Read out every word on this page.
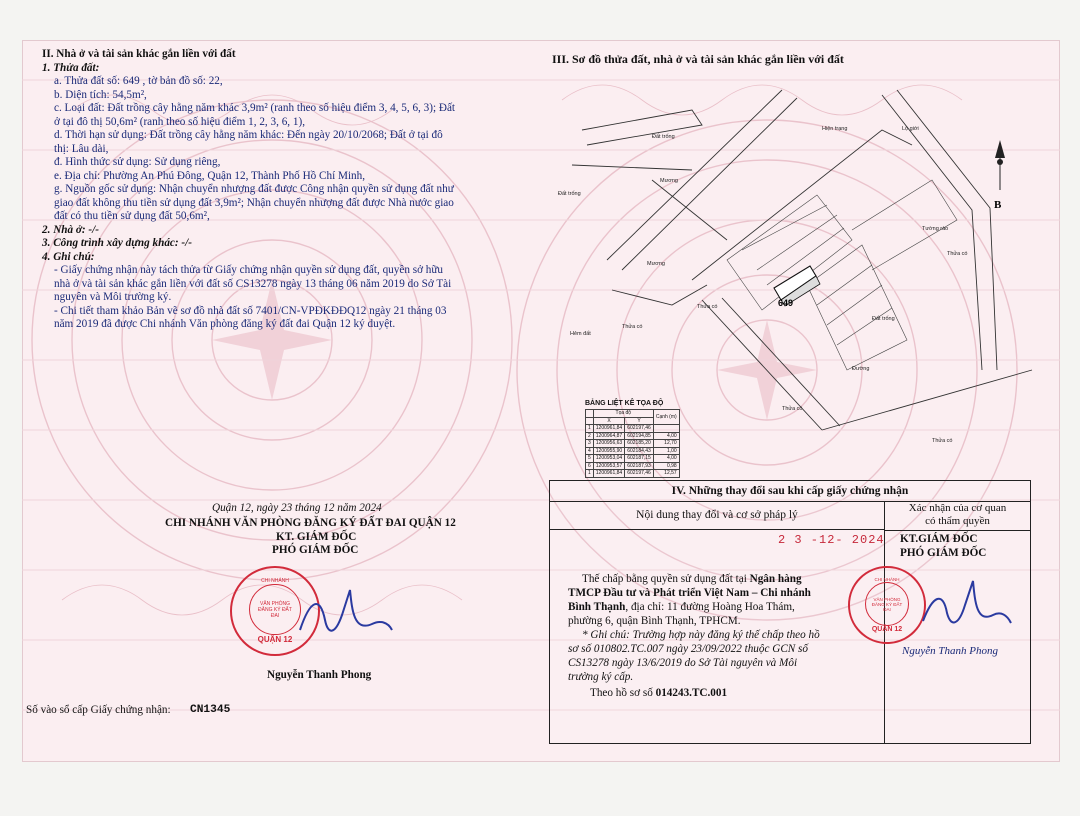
II. Nhà ở và tài sản khác gắn liền với đất
1. Thửa đất:
a. Thửa đất số: 649 , tờ bản đồ số: 22,
b. Diện tích: 54,5m²,
c. Loại đất: Đất trồng cây hằng năm khác 3,9m² (ranh theo số hiệu điểm 3, 4, 5, 6, 3); Đất
ở tại đô thị 50,6m² (ranh theo số hiệu điểm 1, 2, 3, 6, 1),
d. Thời hạn sử dụng: Đất trồng cây hằng năm khác: Đến ngày 20/10/2068; Đất ở tại đô
thị: Lâu dài,
đ. Hình thức sử dụng: Sử dụng riêng,
e. Địa chỉ: Phường An Phú Đông, Quận 12, Thành Phố Hồ Chí Minh,
g. Nguồn gốc sử dụng: Nhận chuyển nhượng đất được Công nhận quyền sử dụng đất như
giao đất không thu tiền sử dụng đất 3,9m²; Nhận chuyển nhượng đất được Nhà nước giao
đất có thu tiền sử dụng đất 50,6m²,
2. Nhà ở: -/-
3. Công trình xây dựng khác: -/-
4. Ghi chú:
- Giấy chứng nhận này tách thửa từ Giấy chứng nhận quyền sử dụng đất, quyền sở hữu
nhà ở và tài sản khác gắn liền với đất số CS13278 ngày 13 tháng 06 năm 2019 do Sở Tài
nguyên và Môi trường ký.
- Chi tiết tham khảo Bản vẽ sơ đồ nhà đất số 7401/CN-VPĐKĐĐQ12 ngày 21 tháng 03
năm 2019 đã được Chi nhánh Văn phòng đăng ký đất đai Quận 12 ký duyệt.
Quận 12, ngày 23 tháng 12 năm 2024
CHI NHÁNH VĂN PHÒNG ĐĂNG KÝ ĐẤT ĐAI QUẬN 12
KT. GIÁM ĐỐC
PHÓ GIÁM ĐỐC
CHI NHÁNH
VĂN PHÒNG
ĐĂNG KÝ ĐẤT
ĐAI
QUẬN 12
Nguyễn Thanh Phong
Số vào sổ cấp Giấy chứng nhận: CN1345
III. Sơ đồ thửa đất, nhà ở và tài sản khác gắn liền với đất
649
Đất trống
Đất trống
Mương
Mương
Thửa có
Thửa có
Thửa có
Thửa có
Thửa có
Hẻm đất
Hiện trạng
Tường rào
Đất trống
Lộ giới
Đường
B
BẢNG LIỆT KÊ TỌA ĐỘ
	Tọa độ		Cạnh (m)
	X	Y	
1	1200961,84	602197,46	
2	1200964,87	602194,85	4,00
3	1200956,63	602185,20	12,70
4	1200955,90	602184,43	1,00
5	1200953,04	602187,15	4,00
6	1200953,57	602187,93	0,98
1	1200961,84	602197,46	12,57
IV. Những thay đổi sau khi cấp giấy chứng nhận
Nội dung thay đổi và cơ sở pháp lý
Xác nhận của cơ quan
có thẩm quyền
2 3 -12- 2024 KT.GIÁM ĐỐC
PHÓ GIÁM ĐỐC
Thế chấp bằng quyền sử dụng đất tại Ngân hàng
TMCP Đầu tư và Phát triển Việt Nam – Chi nhánh
Bình Thạnh, địa chỉ: 11 đường Hoàng Hoa Thám,
phường 6, quận Bình Thạnh, TPHCM.
* Ghi chú: Trường hợp này đăng ký thế chấp theo hồ
sơ số 010802.TC.007 ngày 23/09/2022 thuộc GCN số
CS13278 ngày 13/6/2019 do Sở Tài nguyên và Môi
trường ký cấp.
Theo hồ sơ số 014243.TC.001
CHI NHÁNH
VĂN PHÒNG
ĐĂNG KÝ ĐẤT
ĐAI
QUẬN 12
Nguyễn Thanh Phong
